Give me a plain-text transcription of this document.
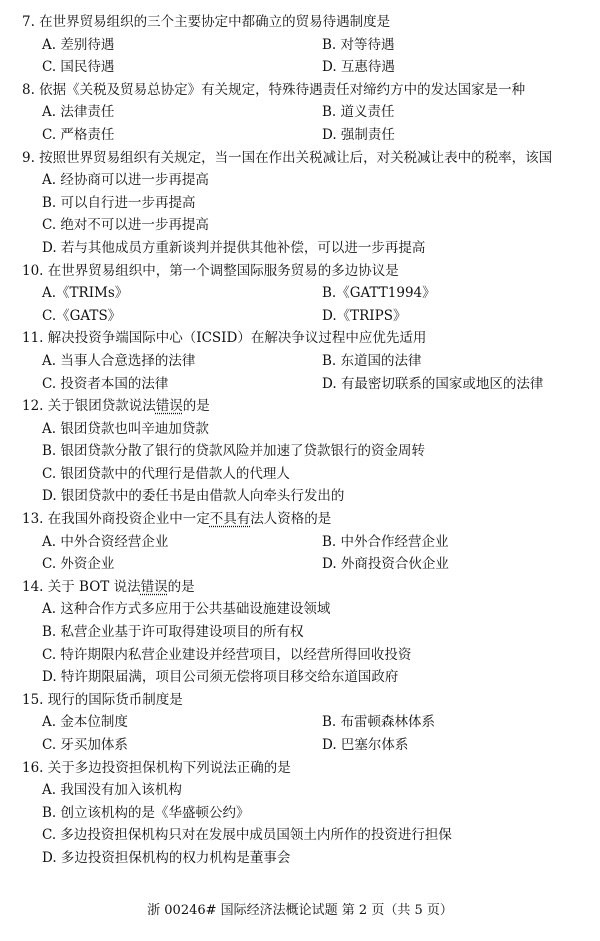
7. 在世界贸易组织的三个主要协定中都确立的贸易待遇制度是
A. 差别待遇	B. 对等待遇
C. 国民待遇	D. 互惠待遇
8. 依据《关税及贸易总协定》有关规定，特殊待遇责任对缔约方中的发达国家是一种
A. 法律责任	B. 道义责任
C. 严格责任	D. 强制责任
9. 按照世界贸易组织有关规定，当一国在作出关税减让后，对关税减让表中的税率，该国
A. 经协商可以进一步再提高
B. 可以自行进一步再提高
C. 绝对不可以进一步再提高
D. 若与其他成员方重新谈判并提供其他补偿，可以进一步再提高
10. 在世界贸易组织中，第一个调整国际服务贸易的多边协议是
A.《TRIMs》	B.《GATT1994》
C.《GATS》	D.《TRIPS》
11. 解决投资争端国际中心（ICSID）在解决争议过程中应优先适用
A. 当事人合意选择的法律	B. 东道国的法律
C. 投资者本国的法律	D. 有最密切联系的国家或地区的法律
12. 关于银团贷款说法错误的是
A. 银团贷款也叫辛迪加贷款
B. 银团贷款分散了银行的贷款风险并加速了贷款银行的资金周转
C. 银团贷款中的代理行是借款人的代理人
D. 银团贷款中的委任书是由借款人向牵头行发出的
13. 在我国外商投资企业中一定不具有法人资格的是
A. 中外合资经营企业	B. 中外合作经营企业
C. 外资企业	D. 外商投资合伙企业
14. 关于 BOT 说法错误的是
A. 这种合作方式多应用于公共基础设施建设领域
B. 私营企业基于许可取得建设项目的所有权
C. 特许期限内私营企业建设并经营项目，以经营所得回收投资
D. 特许期限届满，项目公司须无偿将项目移交给东道国政府
15. 现行的国际货币制度是
A. 金本位制度	B. 布雷顿森林体系
C. 牙买加体系	D. 巴塞尔体系
16. 关于多边投资担保机构下列说法正确的是
A. 我国没有加入该机构
B. 创立该机构的是《华盛顿公约》
C. 多边投资担保机构只对在发展中成员国领土内所作的投资进行担保
D. 多边投资担保机构的权力机构是董事会
浙 00246# 国际经济法概论试题 第 2 页（共 5 页）
